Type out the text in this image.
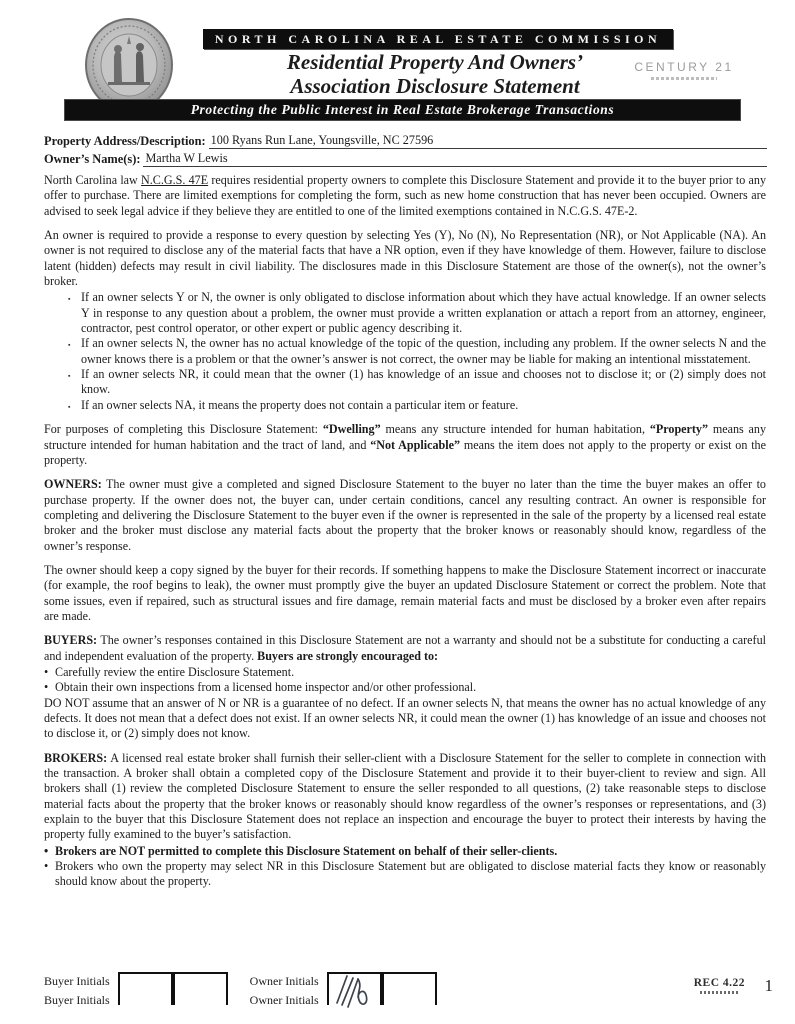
NORTH CAROLINA REAL ESTATE COMMISSION
Residential Property And Owners’
Association Disclosure Statement
CENTURY 21
Protecting the Public Interest in Real Estate Brokerage Transactions
Property Address/Description: 100 Ryans Run Lane, Youngsville, NC 27596
Owner’s Name(s): Martha W Lewis

North Carolina law N.C.G.S. 47E requires residential property owners to complete this Disclosure Statement and provide it to the buyer prior to any offer to purchase. There are limited exemptions for completing the form, such as new home construction that has never been occupied. Owners are advised to seek legal advice if they believe they are entitled to one of the limited exemptions contained in N.C.G.S. 47E-2.

An owner is required to provide a response to every question by selecting Yes (Y), No (N), No Representation (NR), or Not Applicable (NA). An owner is not required to disclose any of the material facts that have a NR option, even if they have knowledge of them. However, failure to disclose latent (hidden) defects may result in civil liability. The disclosures made in this Disclosure Statement are those of the owner(s), not the owner’s broker.

▪ If an owner selects Y or N, the owner is only obligated to disclose information about which they have actual knowledge. If an owner selects Y in response to any question about a problem, the owner must provide a written explanation or attach a report from an attorney, engineer, contractor, pest control operator, or other expert or public agency describing it.
▪ If an owner selects N, the owner has no actual knowledge of the topic of the question, including any problem. If the owner selects N and the owner knows there is a problem or that the owner’s answer is not correct, the owner may be liable for making an intentional misstatement.
▪ If an owner selects NR, it could mean that the owner (1) has knowledge of an issue and chooses not to disclose it; or (2) simply does not know.
▪ If an owner selects NA, it means the property does not contain a particular item or feature.

For purposes of completing this Disclosure Statement: “Dwelling” means any structure intended for human habitation, “Property” means any structure intended for human habitation and the tract of land, and “Not Applicable” means the item does not apply to the property or exist on the property.

OWNERS: The owner must give a completed and signed Disclosure Statement to the buyer no later than the time the buyer makes an offer to purchase property. If the owner does not, the buyer can, under certain conditions, cancel any resulting contract. An owner is responsible for completing and delivering the Disclosure Statement to the buyer even if the owner is represented in the sale of the property by a licensed real estate broker and the broker must disclose any material facts about the property that the broker knows or reasonably should know, regardless of the owner’s response.

The owner should keep a copy signed by the buyer for their records. If something happens to make the Disclosure Statement incorrect or inaccurate (for example, the roof begins to leak), the owner must promptly give the buyer an updated Disclosure Statement or correct the problem. Note that some issues, even if repaired, such as structural issues and fire damage, remain material facts and must be disclosed by a broker even after repairs are made.

BUYERS: The owner’s responses contained in this Disclosure Statement are not a warranty and should not be a substitute for conducting a careful and independent evaluation of the property. Buyers are strongly encouraged to:

• Carefully review the entire Disclosure Statement.
• Obtain their own inspections from a licensed home inspector and/or other professional.

DO NOT assume that an answer of N or NR is a guarantee of no defect. If an owner selects N, that means the owner has no actual knowledge of any defects. It does not mean that a defect does not exist. If an owner selects NR, it could mean the owner (1) has knowledge of an issue and chooses not to disclose it, or (2) simply does not know.

BROKERS: A licensed real estate broker shall furnish their seller-client with a Disclosure Statement for the seller to complete in connection with the transaction. A broker shall obtain a completed copy of the Disclosure Statement and provide it to their buyer-client to review and sign. All brokers shall (1) review the completed Disclosure Statement to ensure the seller responded to all questions, (2) take reasonable steps to disclose material facts about the property that the broker knows or reasonably should know regardless of the owner’s responses or representations, and (3) explain to the buyer that this Disclosure Statement does not replace an inspection and encourage the buyer to protect their interests by having the property fully examined to the buyer’s satisfaction.

• Brokers are NOT permitted to complete this Disclosure Statement on behalf of their seller-clients.
• Brokers who own the property may select NR in this Disclosure Statement but are obligated to disclose material facts they know or reasonably should know about the property.
Buyer Initials
Buyer Initials
Owner Initials
Owner Initials
REC 4.22 1
